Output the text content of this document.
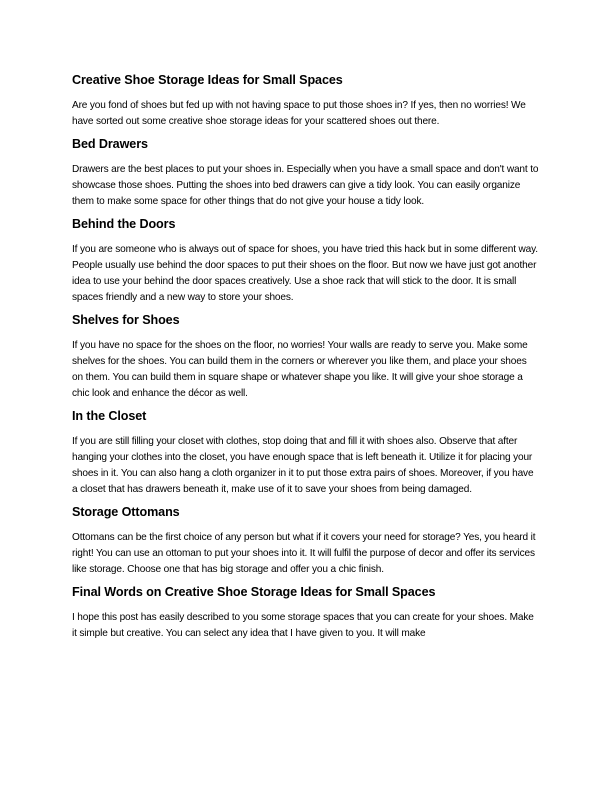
Creative Shoe Storage Ideas for Small Spaces

Are you fond of shoes but fed up with not having space to put those shoes in? If yes, then no worries! We have sorted out some creative shoe storage ideas for your scattered shoes out there.

Bed Drawers

Drawers are the best places to put your shoes in. Especially when you have a small space and don't want to showcase those shoes. Putting the shoes into bed drawers can give a tidy look. You can easily organize them to make some space for other things that do not give your house a tidy look.

Behind the Doors

If you are someone who is always out of space for shoes, you have tried this hack but in some different way. People usually use behind the door spaces to put their shoes on the floor. But now we have just got another idea to use your behind the door spaces creatively. Use a shoe rack that will stick to the door. It is small spaces friendly and a new way to store your shoes.

Shelves for Shoes

If you have no space for the shoes on the floor, no worries! Your walls are ready to serve you. Make some shelves for the shoes. You can build them in the corners or wherever you like them, and place your shoes on them. You can build them in square shape or whatever shape you like. It will give your shoe storage a chic look and enhance the décor as well.

In the Closet

If you are still filling your closet with clothes, stop doing that and fill it with shoes also. Observe that after hanging your clothes into the closet, you have enough space that is left beneath it. Utilize it for placing your shoes in it. You can also hang a cloth organizer in it to put those extra pairs of shoes. Moreover, if you have a closet that has drawers beneath it, make use of it to save your shoes from being damaged.

Storage Ottomans

Ottomans can be the first choice of any person but what if it covers your need for storage? Yes, you heard it right! You can use an ottoman to put your shoes into it. It will fulfil the purpose of decor and offer its services like storage. Choose one that has big storage and offer you a chic finish.

Final Words on Creative Shoe Storage Ideas for Small Spaces

I hope this post has easily described to you some storage spaces that you can create for your shoes. Make it simple but creative. You can select any idea that I have given to you. It will make
